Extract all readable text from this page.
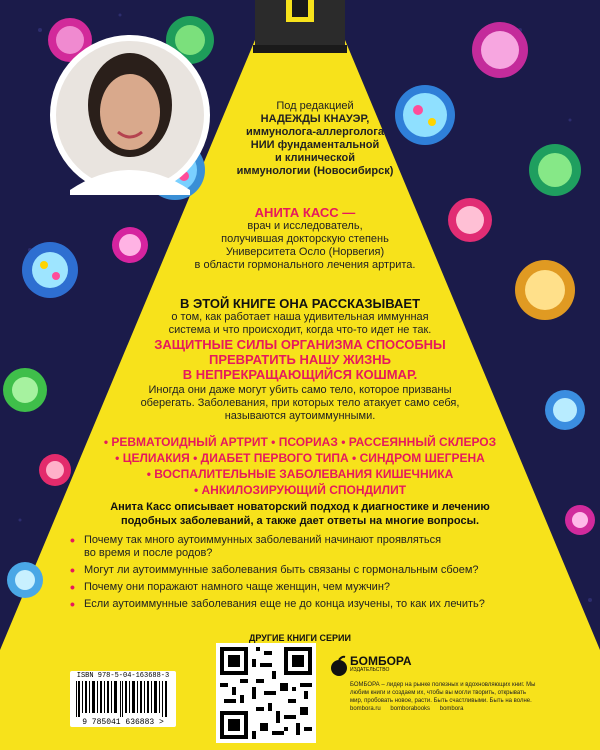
Под редакцией
НАДЕЖДЫ КНАУЭР,
иммунолога-аллерголога
НИИ фундаментальной
и клинической
иммунологии (Новосибирск)
АНИТА КАСС —
врач и исследователь,
получившая докторскую степень
Университета Осло (Норвегия)
в области гормонального лечения артрита.
В ЭТОЙ КНИГЕ ОНА РАССКАЗЫВАЕТ
о том, как работает наша удивительная иммунная
система и что происходит, когда что-то идет не так.
ЗАЩИТНЫЕ СИЛЫ ОРГАНИЗМА СПОСОБНЫ
ПРЕВРАТИТЬ НАШУ ЖИЗНЬ
В НЕПРЕКРАЩАЮЩИЙСЯ КОШМАР.
Иногда они даже могут убить само тело, которое призваны
оберегать. Заболевания, при которых тело атакует само себя,
называются аутоиммунными.
• РЕВМАТОИДНЫЙ АРТРИТ • ПСОРИАЗ • РАССЕЯННЫЙ СКЛЕРОЗ
• ЦЕЛИАКИЯ • ДИАБЕТ ПЕРВОГО ТИПА • СИНДРОМ ШЕГРЕНА
• ВОСПАЛИТЕЛЬНЫЕ ЗАБОЛЕВАНИЯ КИШЕЧНИКА
• АНКИЛОЗИРУЮЩИЙ СПОНДИЛИТ
Анита Касс описывает новаторский подход к диагностике и лечению
подобных заболеваний, а также дает ответы на многие вопросы.
• Почему так много аутоиммунных заболеваний начинают проявляться
во время и после родов?
• Могут ли аутоиммунные заболевания быть связаны с гормональным сбоем?
• Почему они поражают намного чаще женщин, чем мужчин?
• Если аутоиммунные заболевания еще не до конца изучены, то как их лечить?
ДРУГИЕ КНИГИ СЕРИИ
ISBN 978-5-04-163688-3
9 785041 636883 >
БОМБОРА
ИЗДАТЕЛЬСТВО
БОМБОРА – лидер на рынке полезных и вдохновляющих книг. Мы любим книги и создаем их, чтобы вы могли творить, открывать мир, пробовать новое, расти. Быть счастливыми. Быть на волне.
bombora.ru bomborabooks bombora
